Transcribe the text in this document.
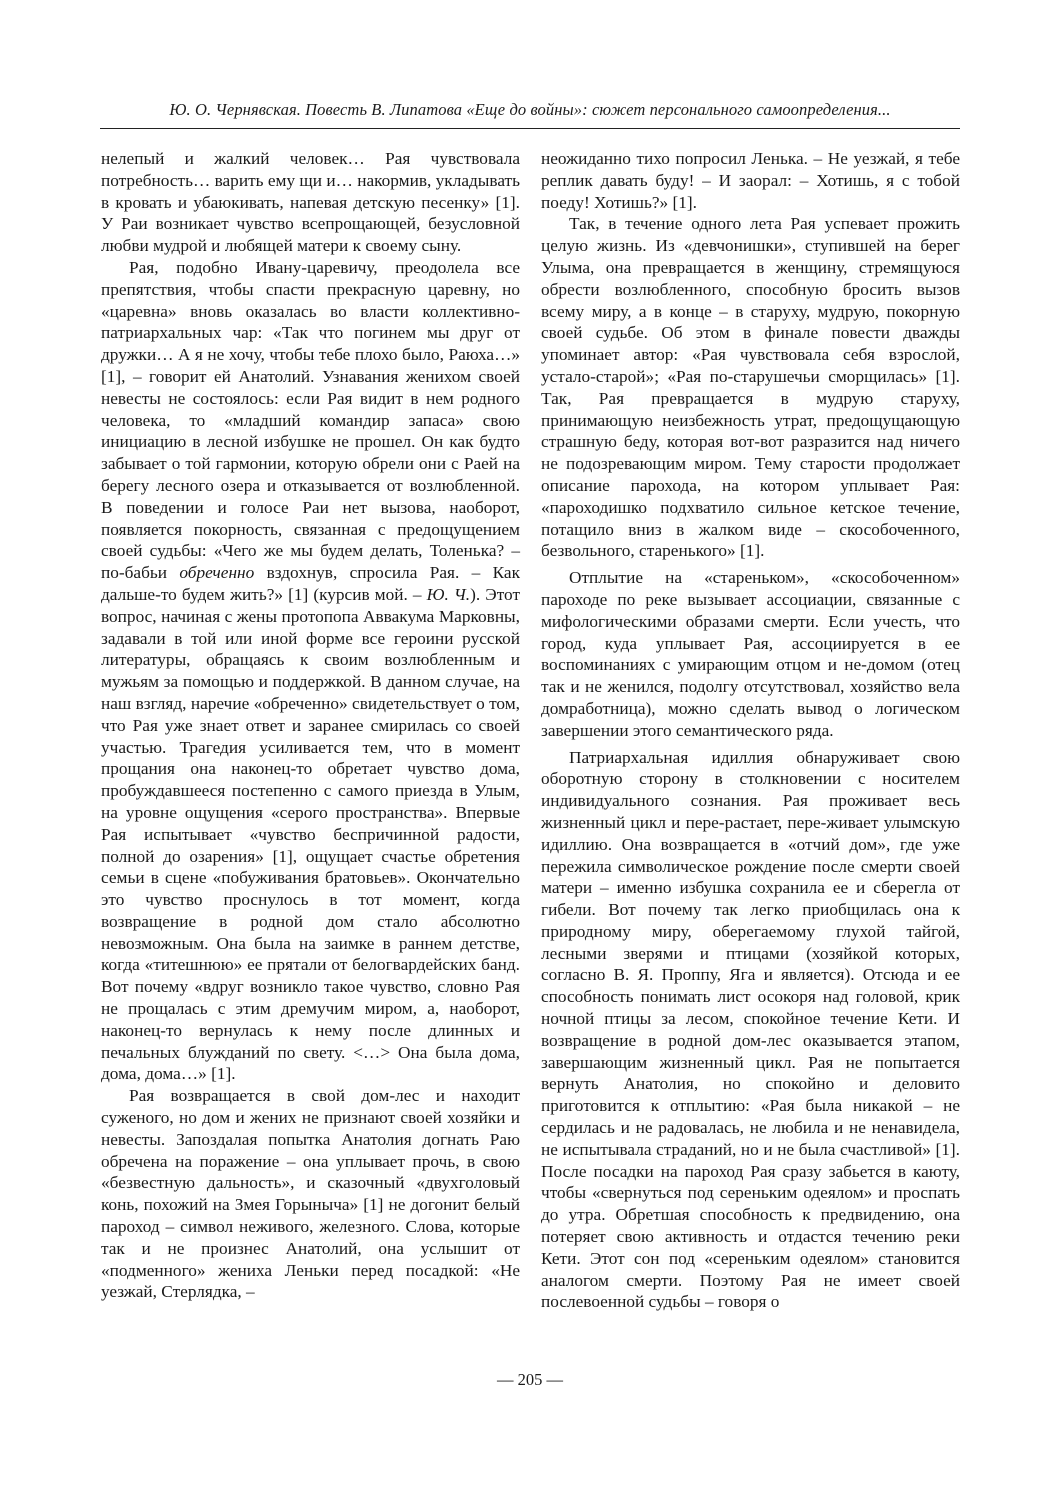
Ю. О. Чернявская. Повесть В. Липатова «Еще до войны»: сюжет персонального самоопределения...

нелепый и жалкий человек… Рая чувствовала потребность… варить ему щи и… накормив, укладывать в кровать и убаюкивать, напевая детскую песенку» [1]. У Раи возникает чувство всепрощающей, безусловной любви мудрой и любящей матери к своему сыну.

Рая, подобно Ивану-царевичу, преодолела все препятствия, чтобы спасти прекрасную царевну, но «царевна» вновь оказалась во власти коллективно-патриархальных чар: «Так что погинем мы друг от дружки… А я не хочу, чтобы тебе плохо было, Раюха…» [1], – говорит ей Анатолий. Узнавания женихом своей невесты не состоялось: если Рая видит в нем родного человека, то «младший командир запаса» свою инициацию в лесной избушке не прошел. Он как будто забывает о той гармонии, которую обрели они с Раей на берегу лесного озера и отказывается от возлюбленной. В поведении и голосе Раи нет вызова, наоборот, появляется покорность, связанная с предощущением своей судьбы: «Чего же мы будем делать, Толенька? – по-бабьи обреченно вздохнув, спросила Рая. – Как дальше-то будем жить?» [1] (курсив мой. – Ю. Ч.). Этот вопрос, начиная с жены протопопа Аввакума Марковны, задавали в той или иной форме все героини русской литературы, обращаясь к своим возлюбленным и мужьям за помощью и поддержкой. В данном случае, на наш взгляд, наречие «обреченно» свидетельствует о том, что Рая уже знает ответ и заранее смирилась со своей участью. Трагедия усиливается тем, что в момент прощания она наконец-то обретает чувство дома, пробуждавшееся постепенно с самого приезда в Улым, на уровне ощущения «серого пространства». Впервые Рая испытывает «чувство беспричинной радости, полной до озарения» [1], ощущает счастье обретения семьи в сцене «побуживания братовьев». Окончательно это чувство проснулось в тот момент, когда возвращение в родной дом стало абсолютно невозможным. Она была на заимке в раннем детстве, когда «титешнюю» ее прятали от белогвардейских банд. Вот почему «вдруг возникло такое чувство, словно Рая не прощалась с этим дремучим миром, а, наоборот, наконец-то вернулась к нему после длинных и печальных блужданий по свету. <…> Она была дома, дома, дома…» [1].

Рая возвращается в свой дом-лес и находит суженого, но дом и жених не признают своей хозяйки и невесты. Запоздалая попытка Анатолия догнать Раю обречена на поражение – она уплывает прочь, в свою «безвестную дальность», и сказочный «двухголовый конь, похожий на Змея Горыныча» [1] не догонит белый пароход – символ неживого, железного. Слова, которые так и не произнес Анатолий, она услышит от «подменного» жениха Леньки перед посадкой: «Не уезжай, Стерлядка, –

неожиданно тихо попросил Ленька. – Не уезжай, я тебе реплик давать буду! – И заорал: – Хотишь, я с тобой поеду! Хотишь?» [1].

Так, в течение одного лета Рая успевает прожить целую жизнь. Из «девчонишки», ступившей на берег Улыма, она превращается в женщину, стремящуюся обрести возлюбленного, способную бросить вызов всему миру, а в конце – в старуху, мудрую, покорную своей судьбе. Об этом в финале повести дважды упоминает автор: «Рая чувствовала себя взрослой, устало-старой»; «Рая по-старушечьи сморщилась» [1]. Так, Рая превращается в мудрую старуху, принимающую неизбежность утрат, предощущающую страшную беду, которая вот-вот разразится над ничего не подозревающим миром. Тему старости продолжает описание парохода, на котором уплывает Рая: «пароходишко подхватило сильное кетское течение, потащило вниз в жалком виде – скособоченного, безвольного, старенького» [1].

Отплытие на «стареньком», «скособоченном» пароходе по реке вызывает ассоциации, связанные с мифологическими образами смерти. Если учесть, что город, куда уплывает Рая, ассоциируется в ее воспоминаниях с умирающим отцом и не-домом (отец так и не женился, подолгу отсутствовал, хозяйство вела домработница), можно сделать вывод о логическом завершении этого семантического ряда.

Патриархальная идиллия обнаруживает свою оборотную сторону в столкновении с носителем индивидуального сознания. Рая проживает весь жизненный цикл и пере-растает, пере-живает улымскую идиллию. Она возвращается в «отчий дом», где уже пережила символическое рождение после смерти своей матери – именно избушка сохранила ее и сберегла от гибели. Вот почему так легко приобщилась она к природному миру, оберегаемому глухой тайгой, лесными зверями и птицами (хозяйкой которых, согласно В. Я. Проппу, Яга и является). Отсюда и ее способность понимать лист осокоря над головой, крик ночной птицы за лесом, спокойное течение Кети. И возвращение в родной дом-лес оказывается этапом, завершающим жизненный цикл. Рая не попытается вернуть Анатолия, но спокойно и деловито приготовится к отплытию: «Рая была никакой – не сердилась и не радовалась, не любила и не ненавидела, не испытывала страданий, но и не была счастливой» [1]. После посадки на пароход Рая сразу забьется в каюту, чтобы «свернуться под сереньким одеялом» и проспать до утра. Обретшая способность к предвидению, она потеряет свою активность и отдастся течению реки Кети. Этот сон под «сереньким одеялом» становится аналогом смерти. Поэтому Рая не имеет своей послевоенной судьбы – говоря о

— 205 —
